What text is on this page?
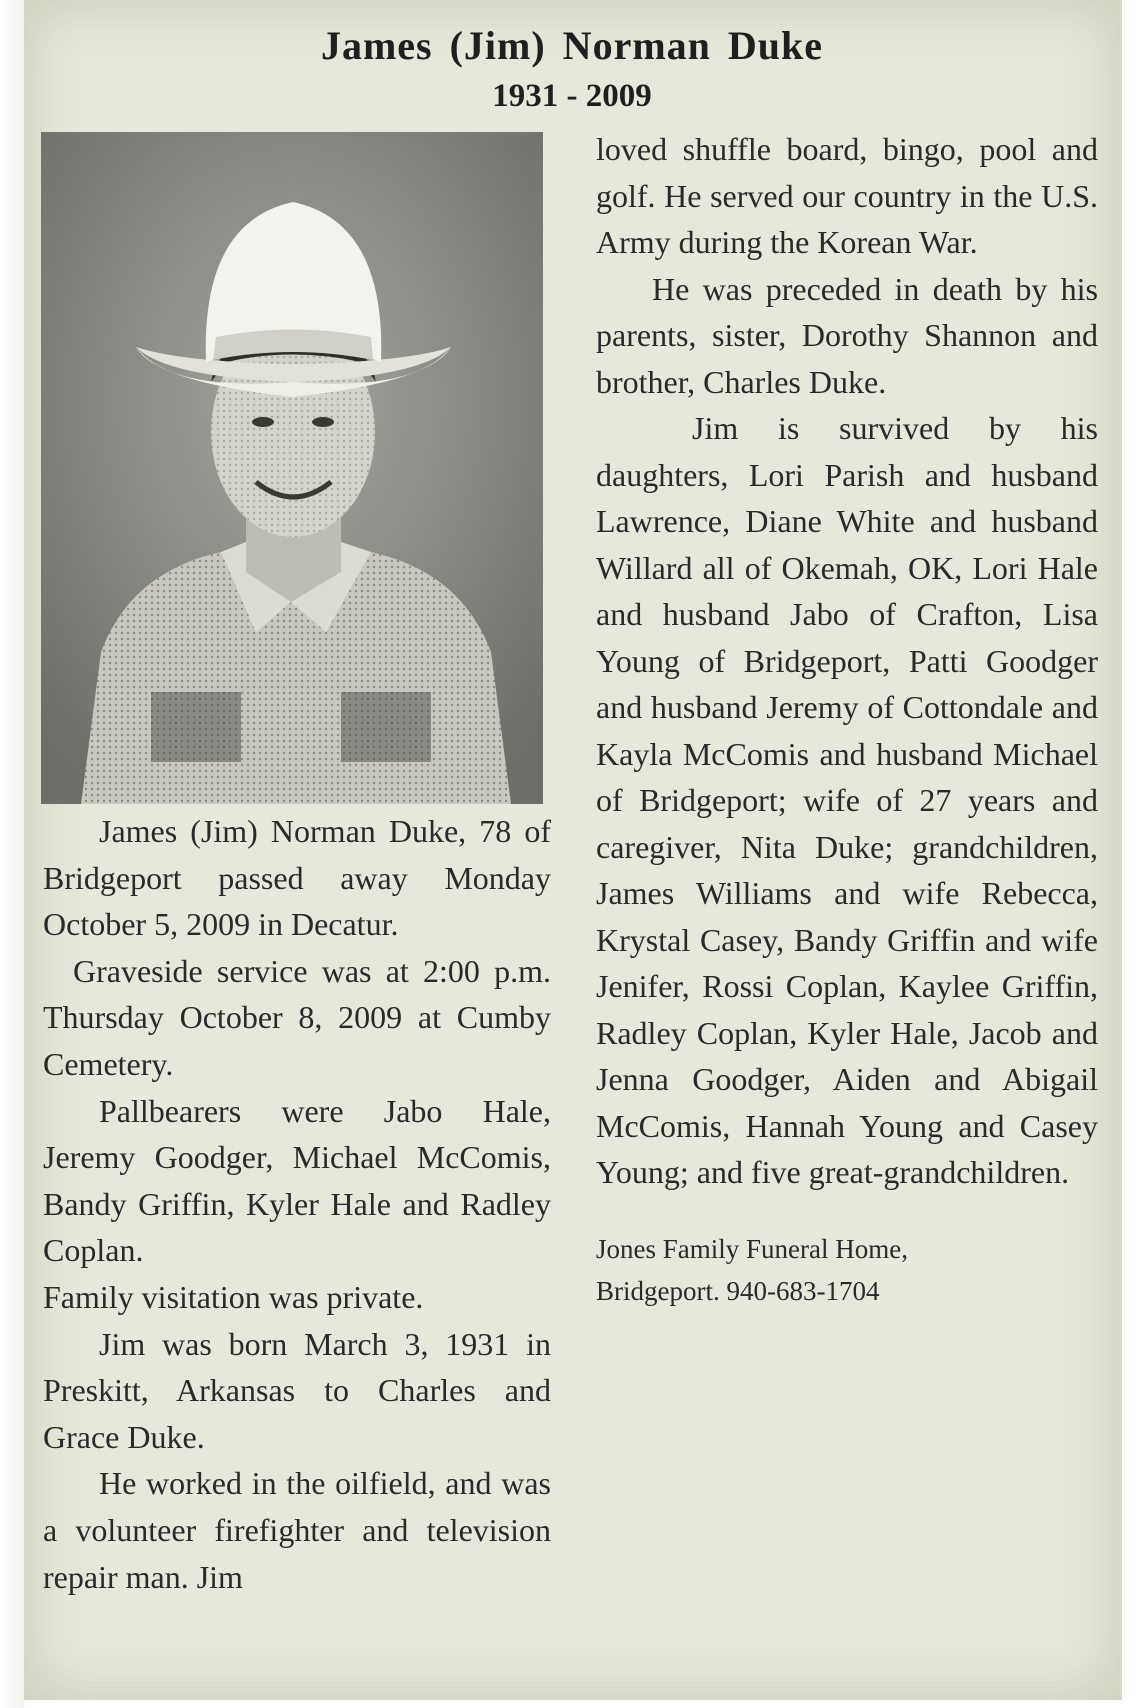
James (Jim) Norman Duke
1931 - 2009

James (Jim) Norman Duke, 78 of Bridgeport passed away Monday October 5, 2009 in Decatur.

Graveside service was at 2:00 p.m. Thursday October 8, 2009 at Cumby Cemetery.

Pallbearers were Jabo Hale, Jeremy Goodger, Michael McComis, Bandy Griffin, Kyler Hale and Radley Coplan.

Family visitation was private.

Jim was born March 3, 1931 in Preskitt, Arkansas to Charles and Grace Duke.

He worked in the oilfield, and was a volunteer firefighter and television repair man. Jim

loved shuffle board, bingo, pool and golf. He served our country in the U.S. Army during the Korean War.

He was preceded in death by his parents, sister, Dorothy Shannon and brother, Charles Duke.

Jim is survived by his daughters, Lori Parish and husband Lawrence, Diane White and husband Willard all of Okemah, OK, Lori Hale and husband Jabo of Crafton, Lisa Young of Bridgeport, Patti Goodger and husband Jeremy of Cottondale and Kayla McComis and husband Michael of Bridgeport; wife of 27 years and caregiver, Nita Duke; grandchildren, James Williams and wife Rebecca, Krystal Casey, Bandy Griffin and wife Jenifer, Rossi Coplan, Kaylee Griffin, Radley Coplan, Kyler Hale, Jacob and Jenna Goodger, Aiden and Abigail McComis, Hannah Young and Casey Young; and five great-grandchildren.

Jones Family Funeral Home,
Bridgeport. 940-683-1704
